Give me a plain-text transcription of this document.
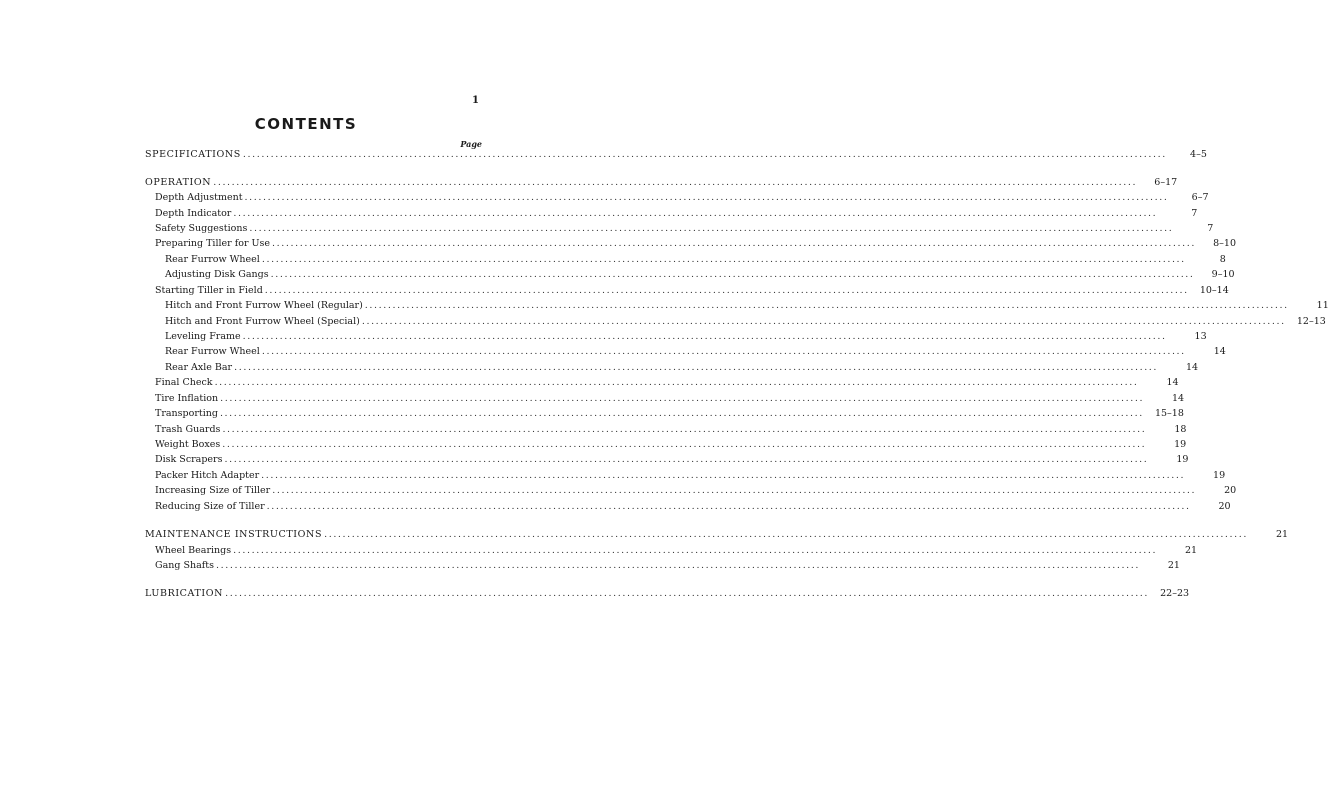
1
CONTENTS
Page
SPECIFICATIONS ........................................................................................................................................................................................................	4–5
OPERATION ........................................................................................................................................................................................................	6–17
Depth Adjustment ........................................................................................................................................................................................................	6–7
Depth Indicator ........................................................................................................................................................................................................	7
Safety Suggestions ........................................................................................................................................................................................................	7
Preparing Tiller for Use ........................................................................................................................................................................................................	8–10
Rear Furrow Wheel ........................................................................................................................................................................................................	8
Adjusting Disk Gangs ........................................................................................................................................................................................................	9–10
Starting Tiller in Field ........................................................................................................................................................................................................	10–14
Hitch and Front Furrow Wheel (Regular) ........................................................................................................................................................................................................	11
Hitch and Front Furrow Wheel (Special) ........................................................................................................................................................................................................	12–13
Leveling Frame ........................................................................................................................................................................................................	13
Rear Furrow Wheel ........................................................................................................................................................................................................	14
Rear Axle Bar ........................................................................................................................................................................................................	14
Final Check ........................................................................................................................................................................................................	14
Tire Inflation ........................................................................................................................................................................................................	14
Transporting ........................................................................................................................................................................................................	15–18
Trash Guards ........................................................................................................................................................................................................	18
Weight Boxes ........................................................................................................................................................................................................	19
Disk Scrapers ........................................................................................................................................................................................................	19
Packer Hitch Adapter ........................................................................................................................................................................................................	19
Increasing Size of Tiller ........................................................................................................................................................................................................	20
Reducing Size of Tiller ........................................................................................................................................................................................................	20
MAINTENANCE INSTRUCTIONS ........................................................................................................................................................................................................	21
Wheel Bearings ........................................................................................................................................................................................................	21
Gang Shafts ........................................................................................................................................................................................................	21
LUBRICATION ........................................................................................................................................................................................................	22–23
